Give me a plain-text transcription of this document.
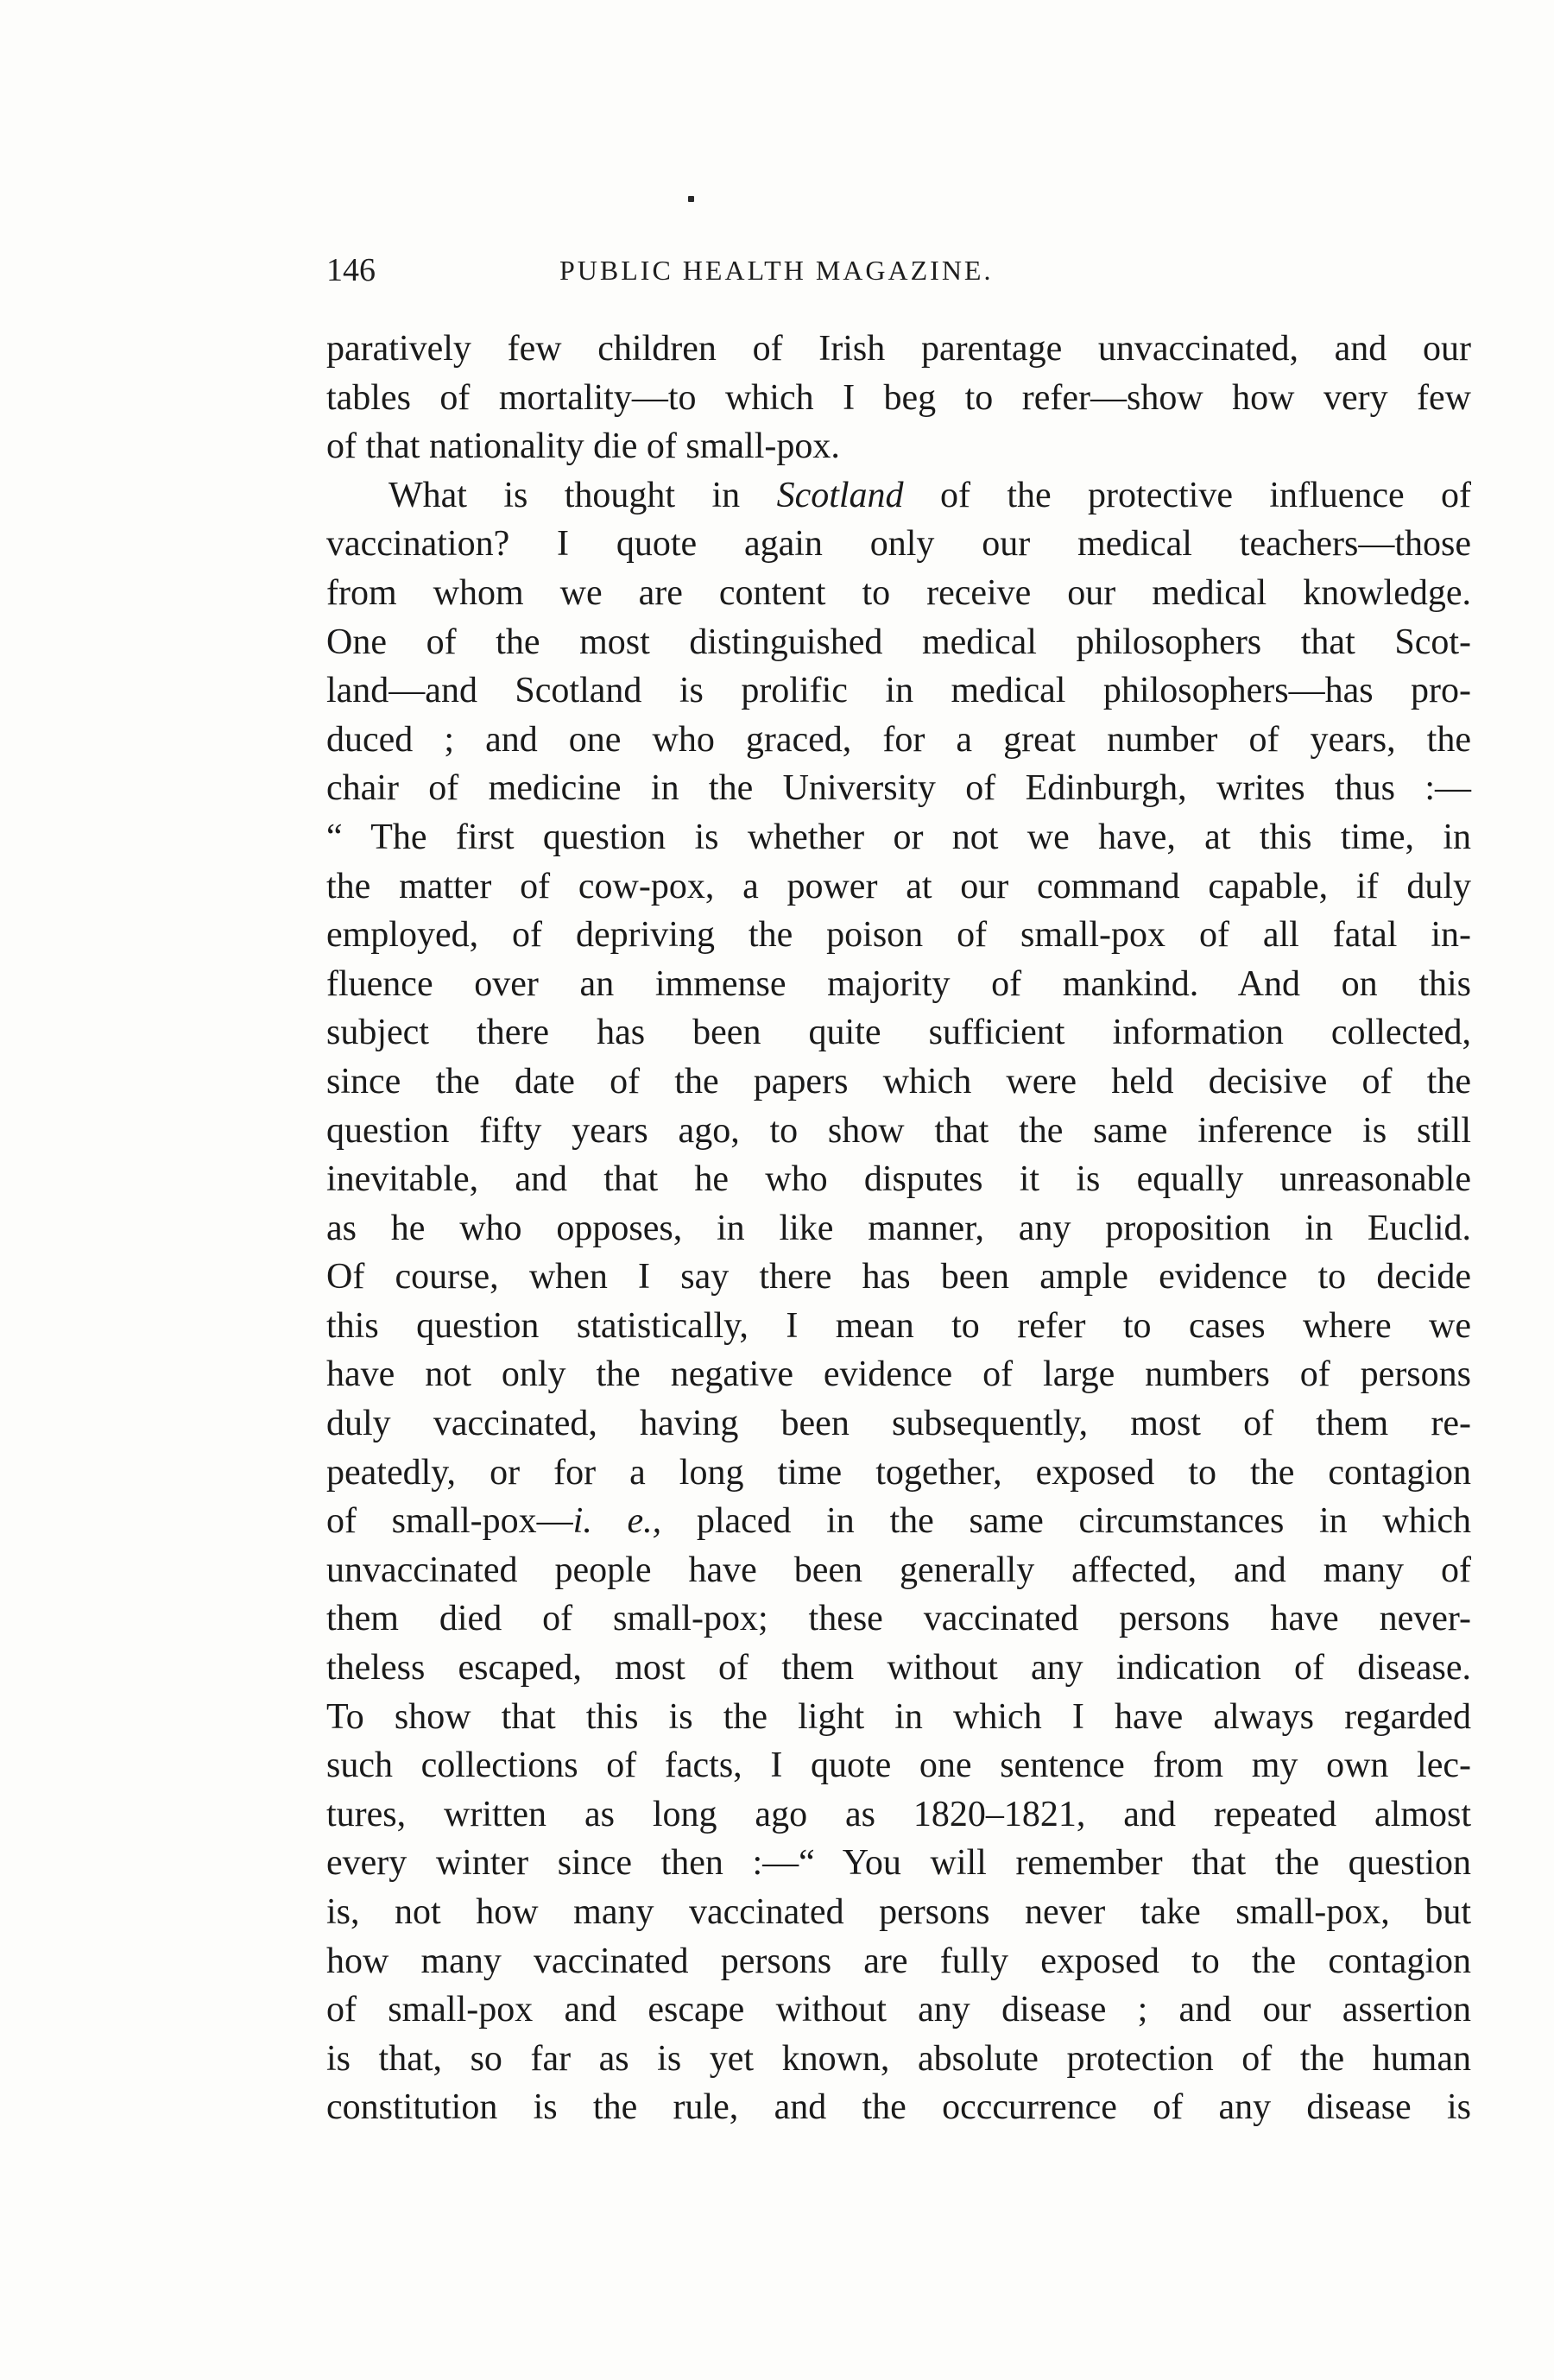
146	PUBLIC HEALTH MAGAZINE.
paratively few children of Irish parentage unvaccinated, and our
tables of mortality—to which I beg to refer—show how very few
of that nationality die of small-pox.
What is thought in Scotland of the protective influence of
vaccination? I quote again only our medical teachers—those
from whom we are content to receive our medical knowledge.
One of the most distinguished medical philosophers that Scot-
land—and Scotland is prolific in medical philosophers—has pro-
duced ; and one who graced, for a great number of years, the
chair of medicine in the University of Edinburgh, writes thus :—
“ The first question is whether or not we have, at this time, in
the matter of cow-pox, a power at our command capable, if duly
employed, of depriving the poison of small-pox of all fatal in-
fluence over an immense majority of mankind. And on this
subject there has been quite sufficient information collected,
since the date of the papers which were held decisive of the
question fifty years ago, to show that the same inference is still
inevitable, and that he who disputes it is equally unreasonable
as he who opposes, in like manner, any proposition in Euclid.
Of course, when I say there has been ample evidence to decide
this question statistically, I mean to refer to cases where we
have not only the negative evidence of large numbers of persons
duly vaccinated, having been subsequently, most of them re-
peatedly, or for a long time together, exposed to the contagion
of small-pox—i. e., placed in the same circumstances in which
unvaccinated people have been generally affected, and many of
them died of small-pox; these vaccinated persons have never-
theless escaped, most of them without any indication of disease.
To show that this is the light in which I have always regarded
such collections of facts, I quote one sentence from my own lec-
tures, written as long ago as 1820–1821, and repeated almost
every winter since then :—“ You will remember that the question
is, not how many vaccinated persons never take small-pox, but
how many vaccinated persons are fully exposed to the contagion
of small-pox and escape without any disease ; and our assertion
is that, so far as is yet known, absolute protection of the human
constitution is the rule, and the occcurrence of any disease is
